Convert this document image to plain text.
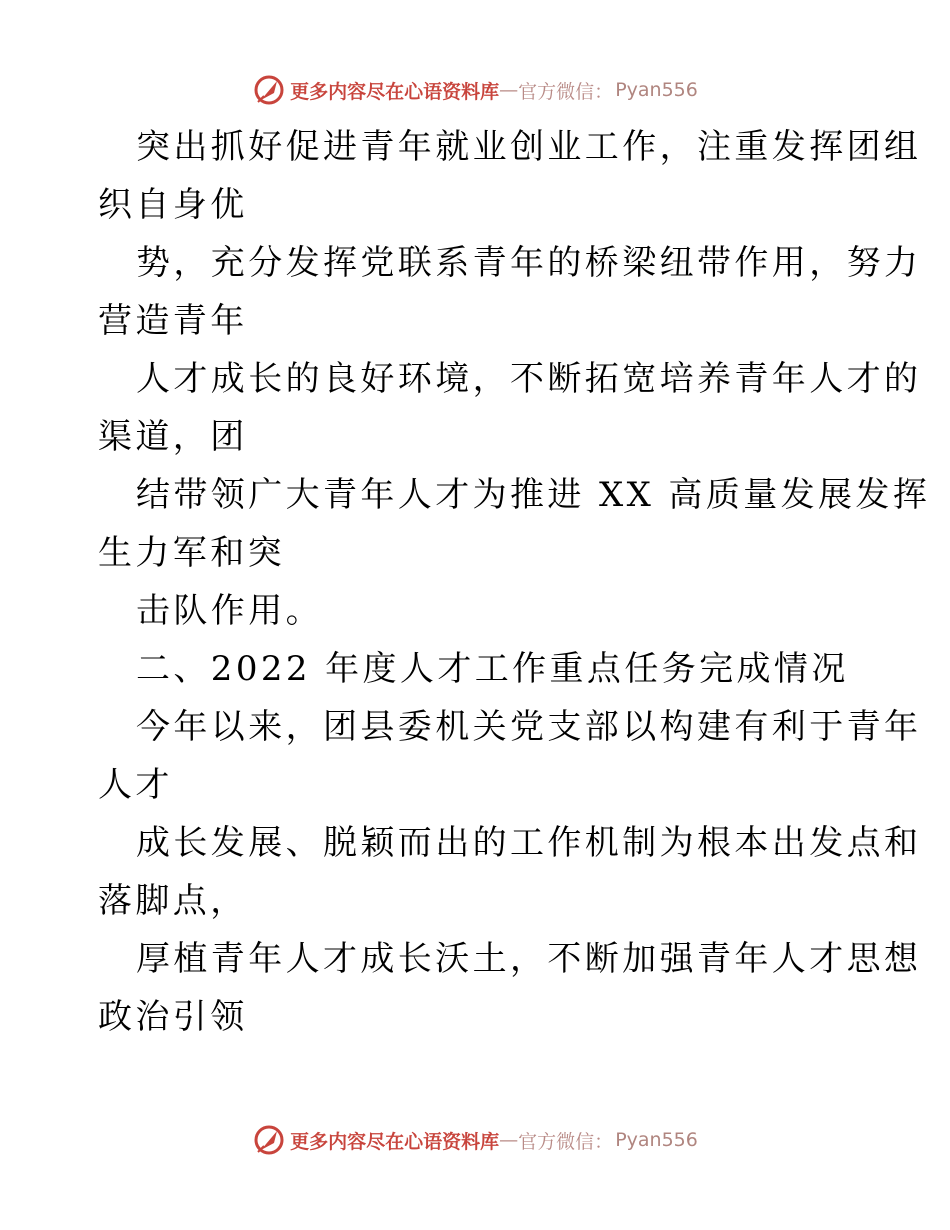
更多内容尽在心语资料库 — 官方微信： Pyan556
突出抓好促进青年就业创业工作，注重发挥团组
织自身优
势，充分发挥党联系青年的桥梁纽带作用，努力
营造青年
人才成长的良好环境，不断拓宽培养青年人才的
渠道，团
结带领广大青年人才为推进 XX 高质量发展发挥
生力军和突
击队作用。
二、2022 年度人才工作重点任务完成情况
今年以来，团县委机关党支部以构建有利于青年
人才
成长发展、脱颖而出的工作机制为根本出发点和
落脚点，
厚植青年人才成长沃土，不断加强青年人才思想
政治引领
更多内容尽在心语资料库 — 官方微信： Pyan556
